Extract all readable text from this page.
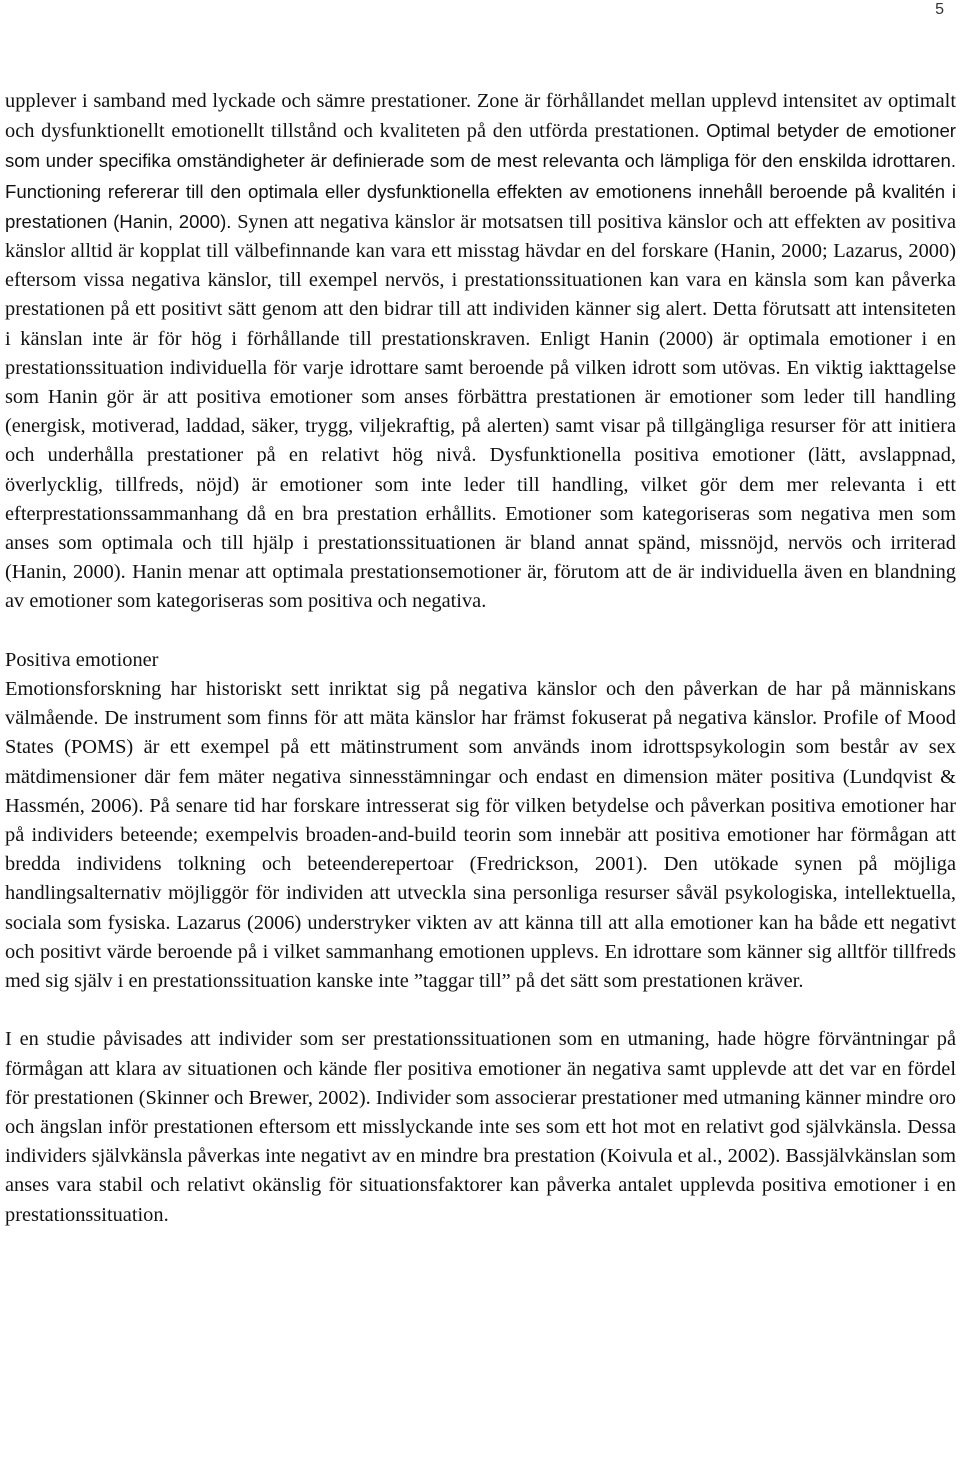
5

upplever i samband med lyckade och sämre prestationer. Zone är förhållandet mellan upplevd intensitet av optimalt och dysfunktionellt emotionellt tillstånd och kvaliteten på den utförda prestationen. Optimal betyder de emotioner som under specifika omständigheter är definierade som de mest relevanta och lämpliga för den enskilda idrottaren. Functioning refererar till den optimala eller dysfunktionella effekten av emotionens innehåll beroende på kvalitén i prestationen (Hanin, 2000). Synen att negativa känslor är motsatsen till positiva känslor och att effekten av positiva känslor alltid är kopplat till välbefinnande kan vara ett misstag hävdar en del forskare (Hanin, 2000; Lazarus, 2000) eftersom vissa negativa känslor, till exempel nervös, i prestationssituationen kan vara en känsla som kan påverka prestationen på ett positivt sätt genom att den bidrar till att individen känner sig alert. Detta förutsatt att intensiteten i känslan inte är för hög i förhållande till prestationskraven. Enligt Hanin (2000) är optimala emotioner i en prestationssituation individuella för varje idrottare samt beroende på vilken idrott som utövas. En viktig iakttagelse som Hanin gör är att positiva emotioner som anses förbättra prestationen är emotioner som leder till handling (energisk, motiverad, laddad, säker, trygg, viljekraftig, på alerten) samt visar på tillgängliga resurser för att initiera och underhålla prestationer på en relativt hög nivå. Dysfunktionella positiva emotioner (lätt, avslappnad, överlycklig, tillfreds, nöjd) är emotioner som inte leder till handling, vilket gör dem mer relevanta i ett efterprestationssammanhang då en bra prestation erhållits. Emotioner som kategoriseras som negativa men som anses som optimala och till hjälp i prestationssituationen är bland annat spänd, missnöjd, nervös och irriterad (Hanin, 2000). Hanin menar att optimala prestationsemotioner är, förutom att de är individuella även en blandning av emotioner som kategoriseras som positiva och negativa.

Positiva emotioner

Emotionsforskning har historiskt sett inriktat sig på negativa känslor och den påverkan de har på människans välmående. De instrument som finns för att mäta känslor har främst fokuserat på negativa känslor. Profile of Mood States (POMS) är ett exempel på ett mätinstrument som används inom idrottspsykologin som består av sex mätdimensioner där fem mäter negativa sinnesstämningar och endast en dimension mäter positiva (Lundqvist & Hassmén, 2006). På senare tid har forskare intresserat sig för vilken betydelse och påverkan positiva emotioner har på individers beteende; exempelvis broaden-and-build teorin som innebär att positiva emotioner har förmågan att bredda individens tolkning och beteenderepertoar (Fredrickson, 2001). Den utökade synen på möjliga handlingsalternativ möjliggör för individen att utveckla sina personliga resurser såväl psykologiska, intellektuella, sociala som fysiska. Lazarus (2006) understryker vikten av att känna till att alla emotioner kan ha både ett negativt och positivt värde beroende på i vilket sammanhang emotionen upplevs. En idrottare som känner sig alltför tillfreds med sig själv i en prestationssituation kanske inte ”taggar till” på det sätt som prestationen kräver.

I en studie påvisades att individer som ser prestationssituationen som en utmaning, hade högre förväntningar på förmågan att klara av situationen och kände fler positiva emotioner än negativa samt upplevde att det var en fördel för prestationen (Skinner och Brewer, 2002). Individer som associerar prestationer med utmaning känner mindre oro och ängslan inför prestationen eftersom ett misslyckande inte ses som ett hot mot en relativt god självkänsla. Dessa individers självkänsla påverkas inte negativt av en mindre bra prestation (Koivula et al., 2002). Bassjälvkänslan som anses vara stabil och relativt okänslig för situationsfaktorer kan påverka antalet upplevda positiva emotioner i en prestationssituation.
